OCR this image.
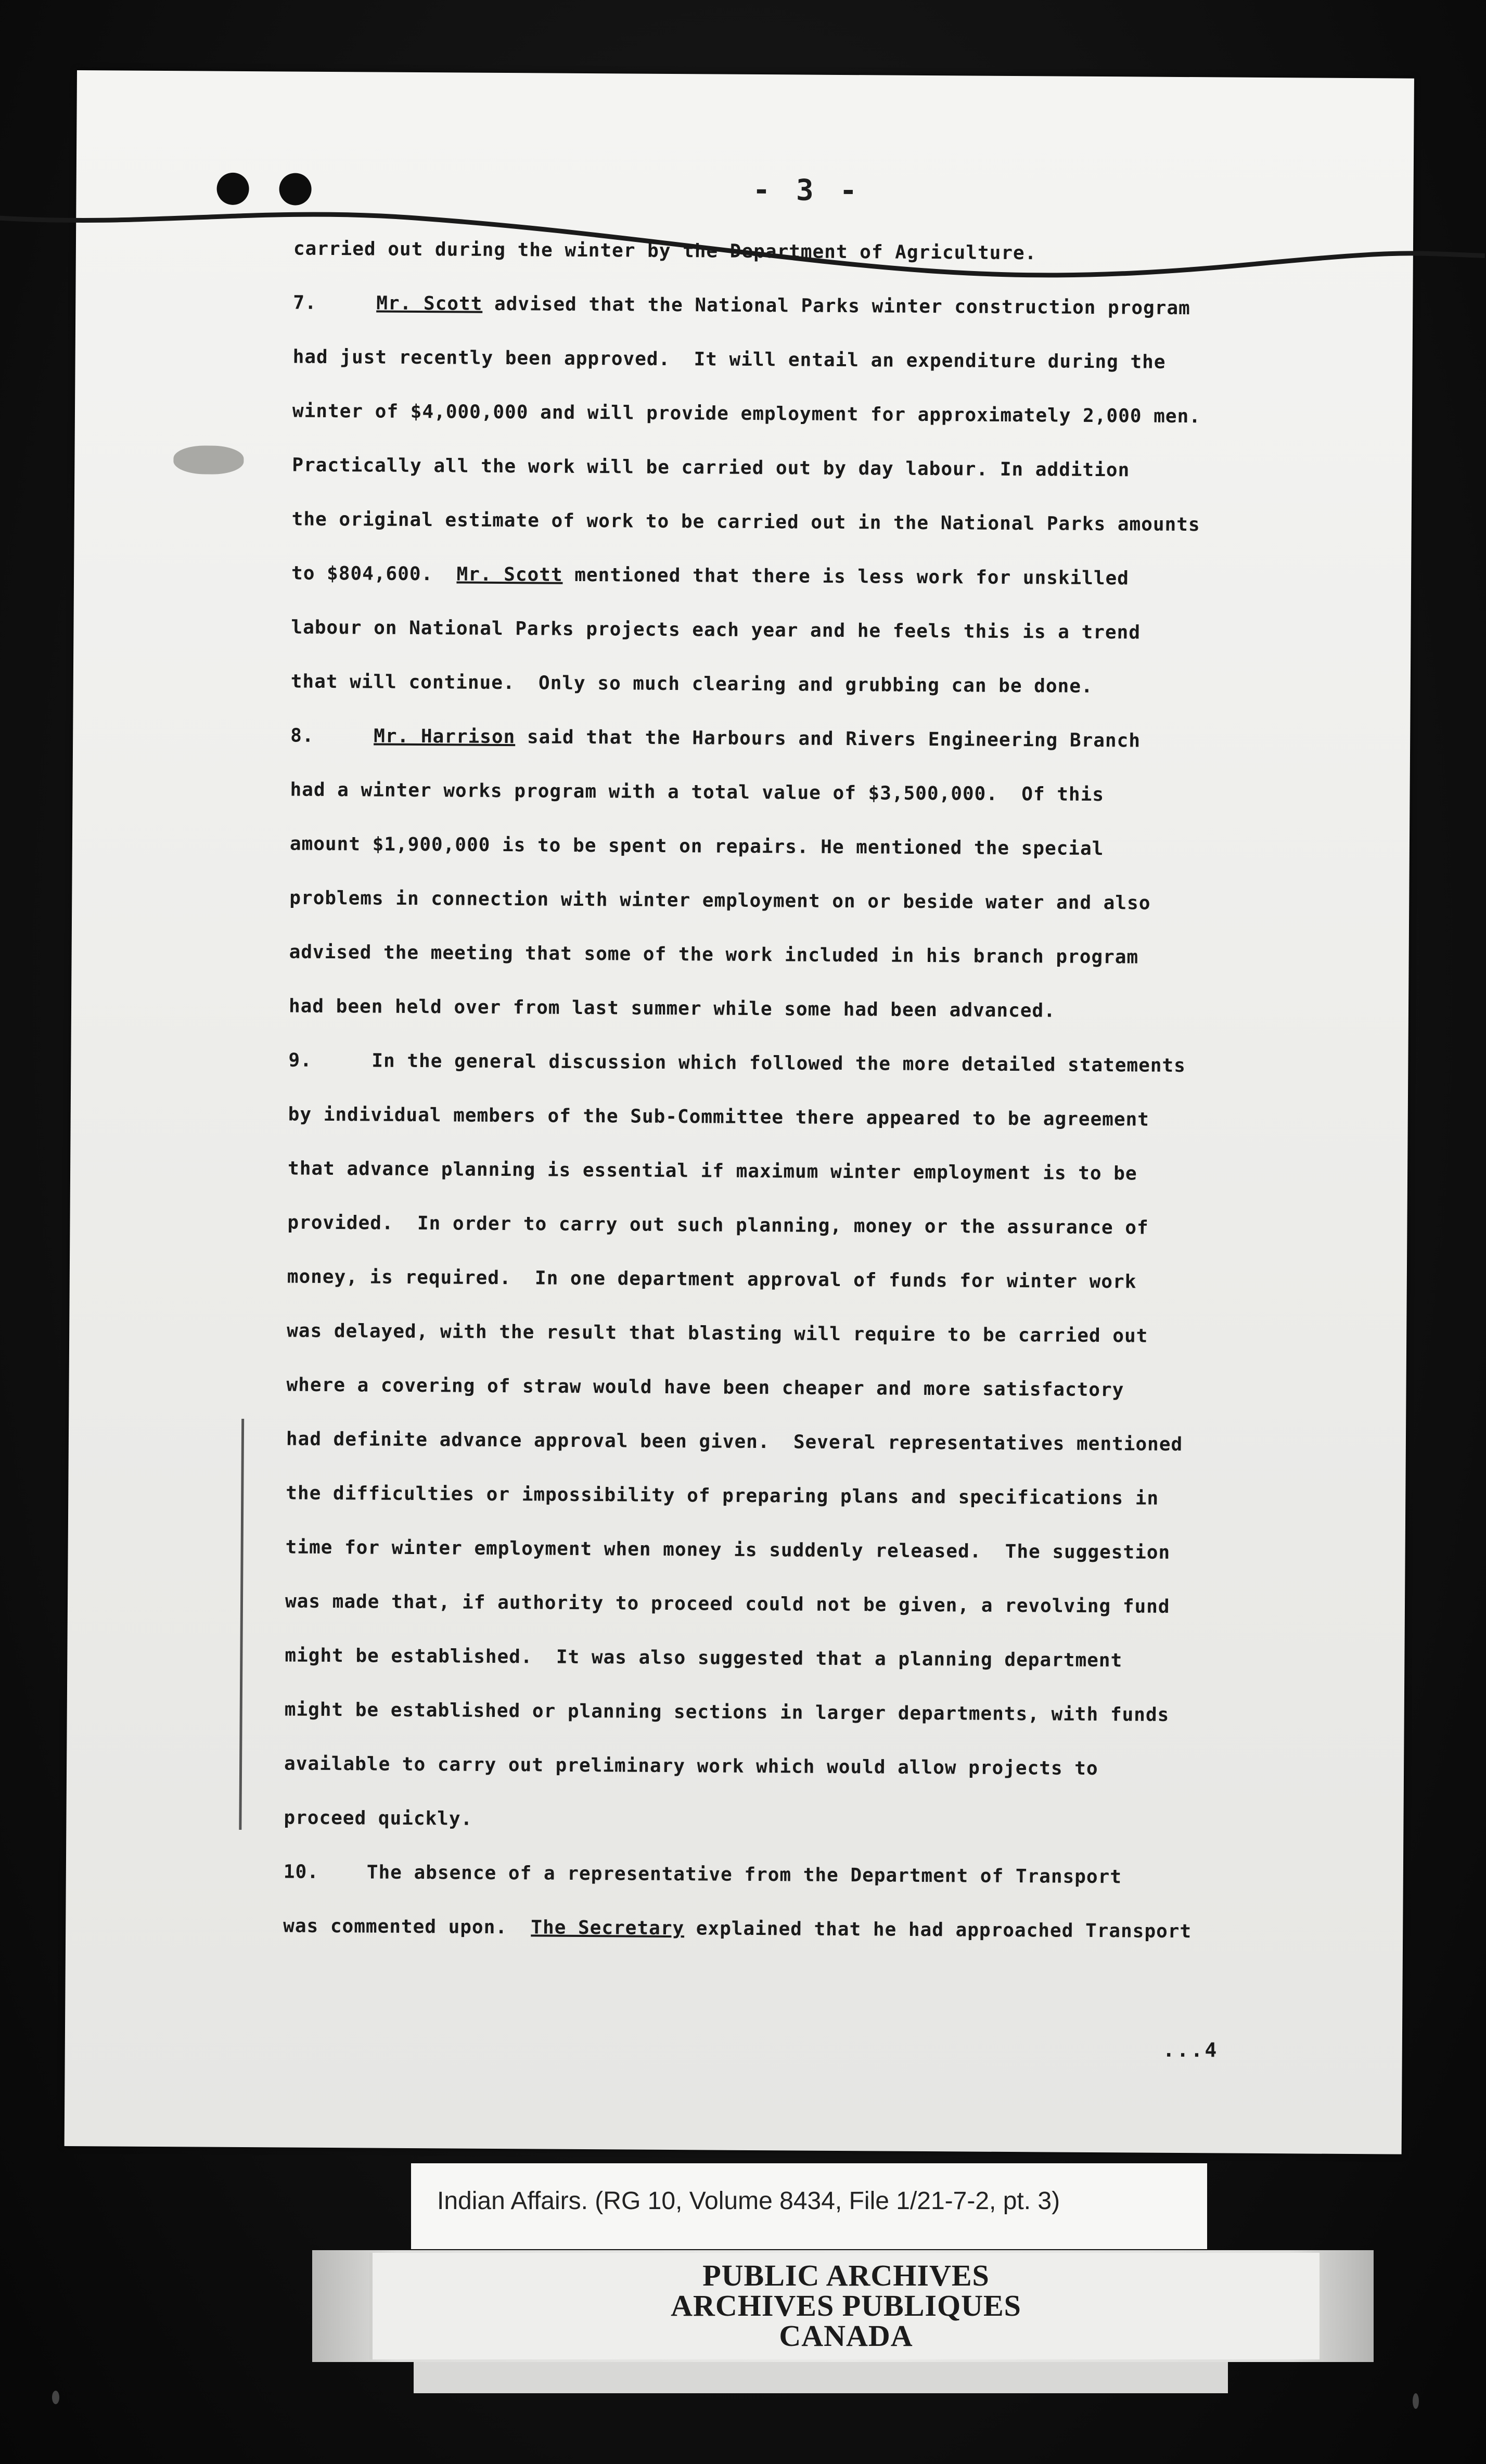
- 3 -
carried out during the winter by the Department of Agriculture.
7.	Mr. Scott advised that the National Parks winter construction program
had just recently been approved.  It will entail an expenditure during the
winter of $4,000,000 and will provide employment for approximately 2,000 men.
Practically all the work will be carried out by day labour. In addition
the original estimate of work to be carried out in the National Parks amounts
to $804,600.  Mr. Scott mentioned that there is less work for unskilled
labour on National Parks projects each year and he feels this is a trend
that will continue.  Only so much clearing and grubbing can be done.
8.	Mr. Harrison said that the Harbours and Rivers Engineering Branch
had a winter works program with a total value of $3,500,000.  Of this
amount $1,900,000 is to be spent on repairs. He mentioned the special
problems in connection with winter employment on or beside water and also
advised the meeting that some of the work included in his branch program
had been held over from last summer while some had been advanced.
9.	In the general discussion which followed the more detailed statements
by individual members of the Sub-Committee there appeared to be agreement
that advance planning is essential if maximum winter employment is to be
provided.  In order to carry out such planning, money or the assurance of
money, is required.  In one department approval of funds for winter work
was delayed, with the result that blasting will require to be carried out
where a covering of straw would have been cheaper and more satisfactory
had definite advance approval been given.  Several representatives mentioned
the difficulties or impossibility of preparing plans and specifications in
time for winter employment when money is suddenly released.  The suggestion
was made that, if authority to proceed could not be given, a revolving fund
might be established.  It was also suggested that a planning department
might be established or planning sections in larger departments, with funds
available to carry out preliminary work which would allow projects to
proceed quickly.
10.	The absence of a representative from the Department of Transport
was commented upon.  The Secretary explained that he had approached Transport
...4
Indian Affairs. (RG 10, Volume 8434, File 1/21-7-2, pt. 3)
PUBLIC ARCHIVES
ARCHIVES PUBLIQUES
CANADA
